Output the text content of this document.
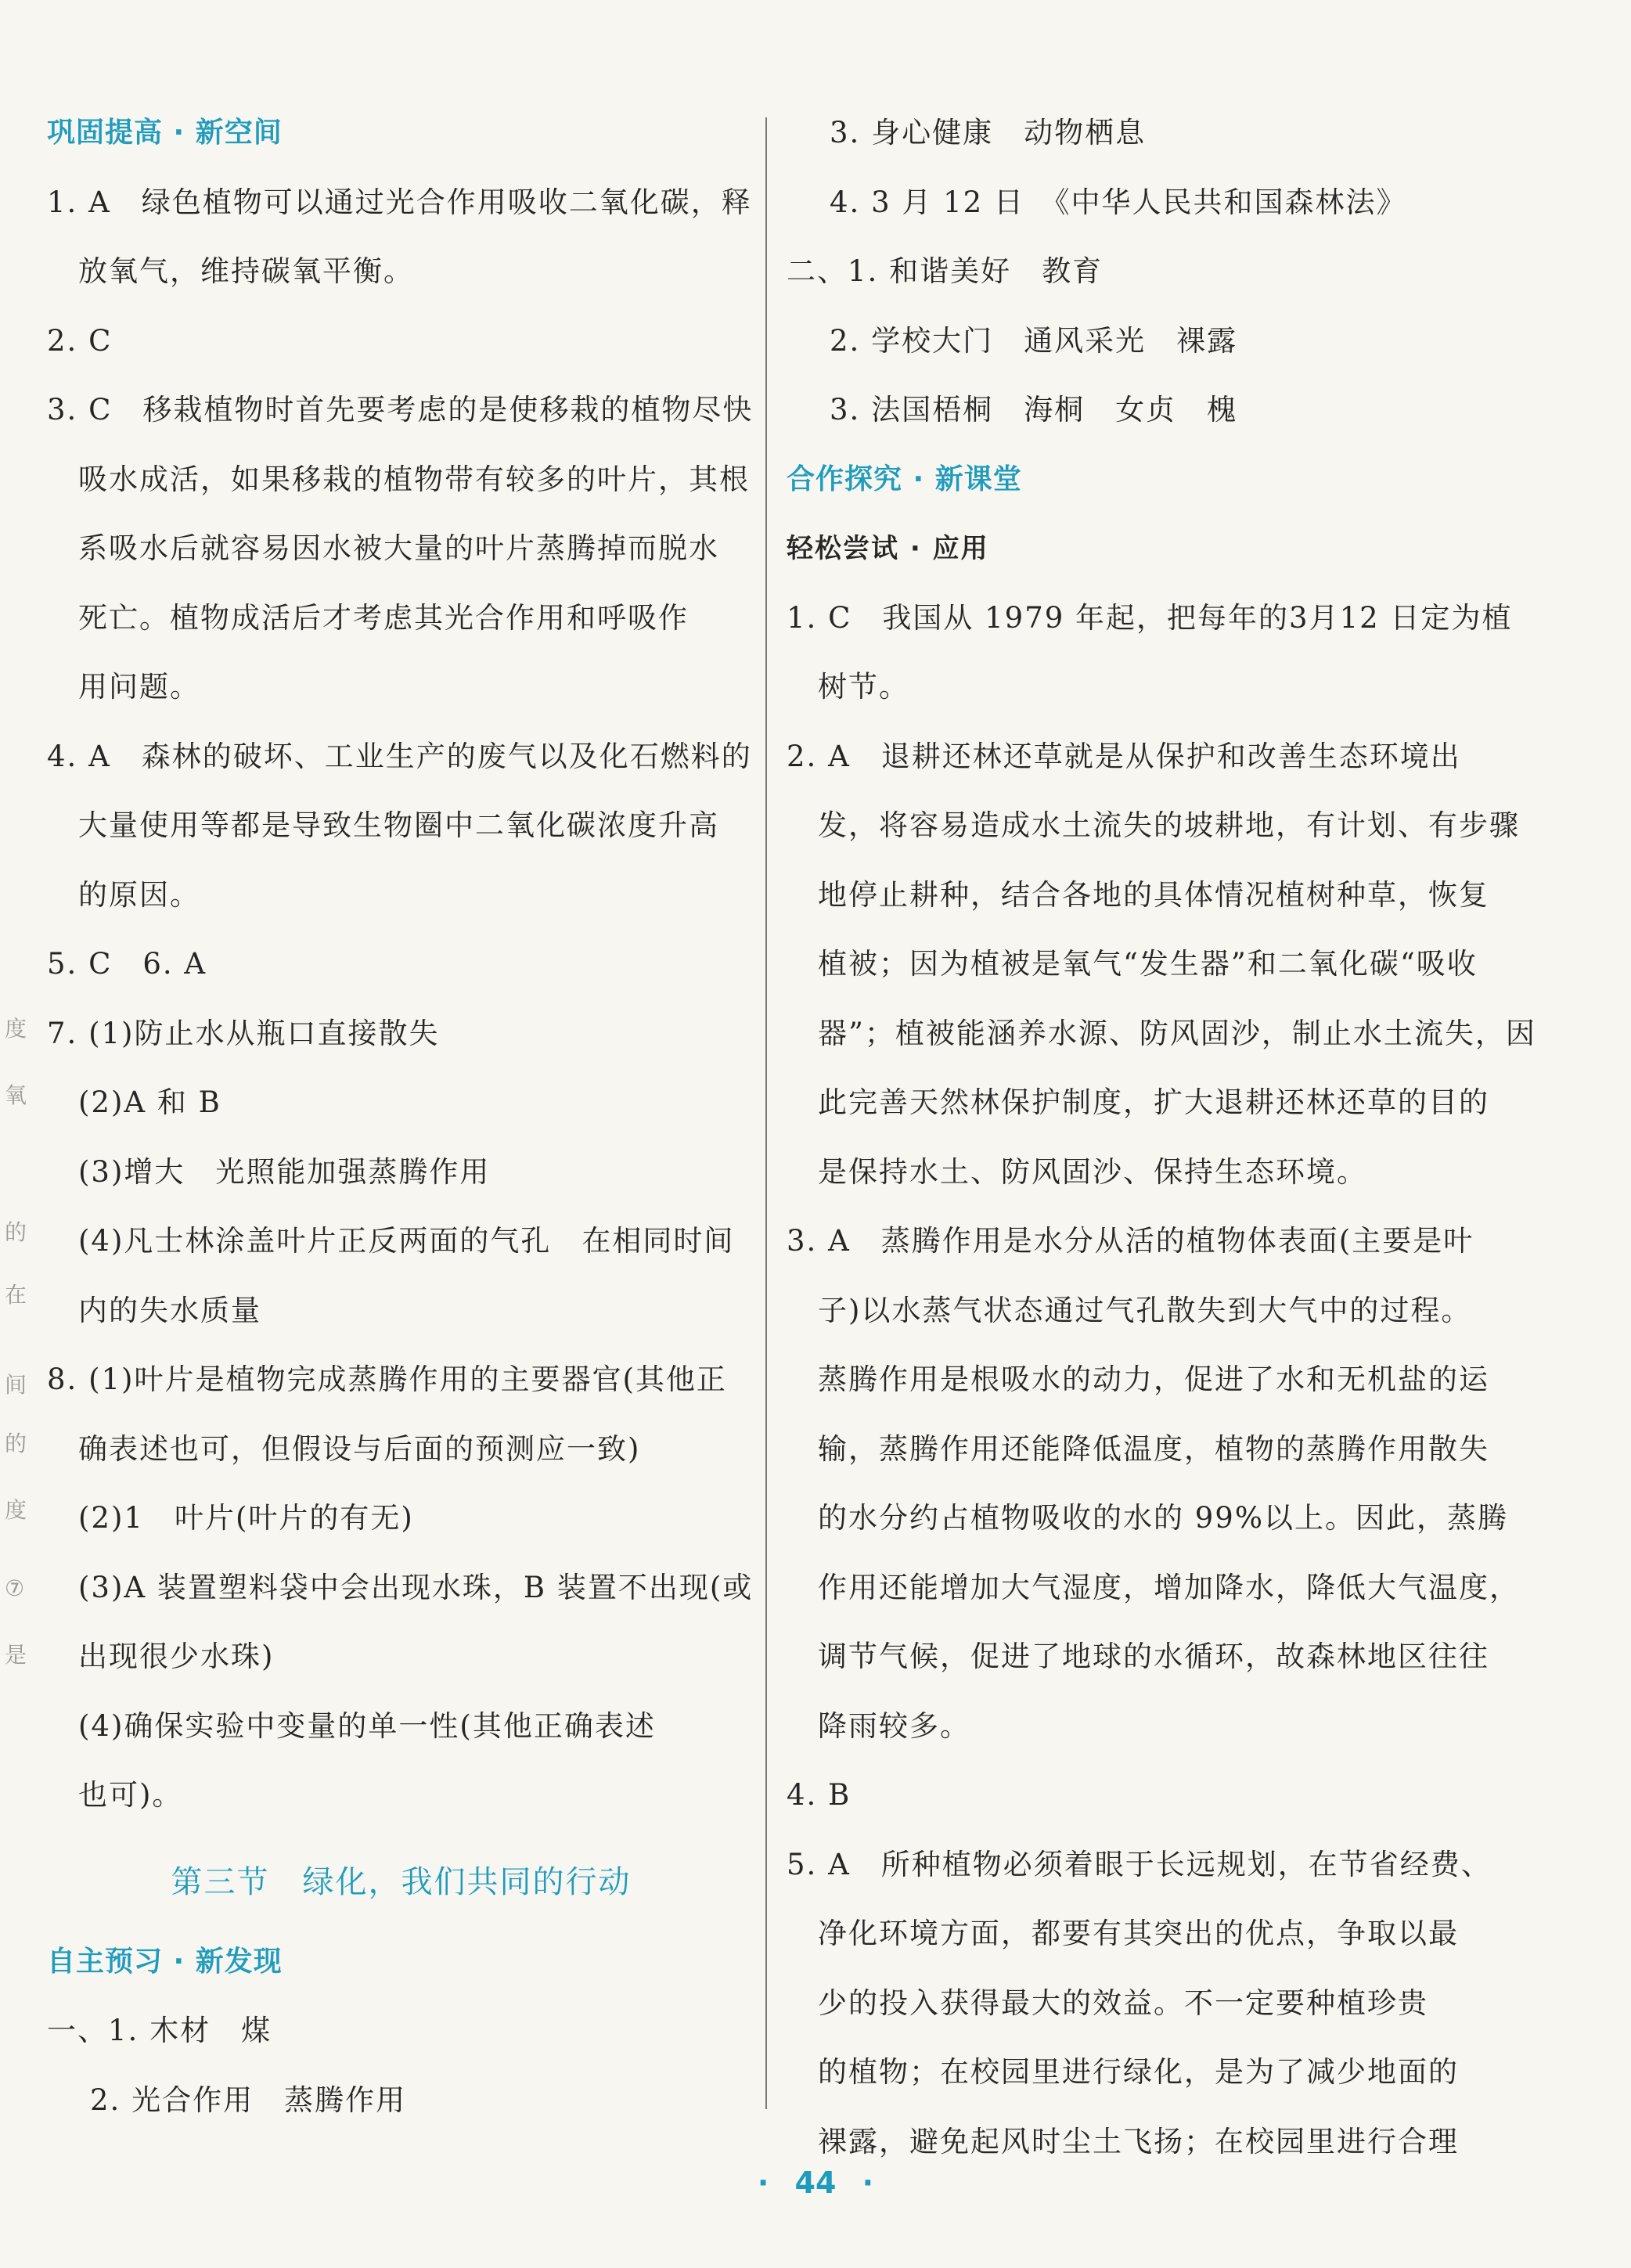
巩固提高 · 新空间
1. A　绿色植物可以通过光合作用吸收二氧化碳，释
放氧气，维持碳氧平衡。
2. C
3. C　移栽植物时首先要考虑的是使移栽的植物尽快
吸水成活，如果移栽的植物带有较多的叶片，其根
系吸水后就容易因水被大量的叶片蒸腾掉而脱水
死亡。植物成活后才考虑其光合作用和呼吸作
用问题。
4. A　森林的破坏、工业生产的废气以及化石燃料的
大量使用等都是导致生物圈中二氧化碳浓度升高
的原因。
5. C　6. A
7. (1)防止水从瓶口直接散失
(2)A 和 B
(3)增大　光照能加强蒸腾作用
(4)凡士林涂盖叶片正反两面的气孔　在相同时间
内的失水质量
8. (1)叶片是植物完成蒸腾作用的主要器官(其他正
确表述也可，但假设与后面的预测应一致)
(2)1　叶片(叶片的有无)
(3)A 装置塑料袋中会出现水珠，B 装置不出现(或
出现很少水珠)
(4)确保实验中变量的单一性(其他正确表述
也可)。
第三节　绿化，我们共同的行动
自主预习 · 新发现
一、1. 木材　煤
2. 光合作用　蒸腾作用
3. 身心健康　动物栖息
4. 3 月 12 日　《中华人民共和国森林法》
二、1. 和谐美好　教育
2. 学校大门　通风采光　裸露
3. 法国梧桐　海桐　女贞　槐
合作探究 · 新课堂
轻松尝试 · 应用
1. C　我国从 1979 年起，把每年的3月12 日定为植
树节。
2. A　退耕还林还草就是从保护和改善生态环境出
发，将容易造成水土流失的坡耕地，有计划、有步骤
地停止耕种，结合各地的具体情况植树种草，恢复
植被；因为植被是氧气“发生器”和二氧化碳“吸收
器”；植被能涵养水源、防风固沙，制止水土流失，因
此完善天然林保护制度，扩大退耕还林还草的目的
是保持水土、防风固沙、保持生态环境。
3. A　蒸腾作用是水分从活的植物体表面(主要是叶
子)以水蒸气状态通过气孔散失到大气中的过程。
蒸腾作用是根吸水的动力，促进了水和无机盐的运
输，蒸腾作用还能降低温度，植物的蒸腾作用散失
的水分约占植物吸收的水的 99%以上。因此，蒸腾
作用还能增加大气湿度，增加降水，降低大气温度，
调节气候，促进了地球的水循环，故森林地区往往
降雨较多。
4. B
5. A　所种植物必须着眼于长远规划，在节省经费、
净化环境方面，都要有其突出的优点，争取以最
少的投入获得最大的效益。不一定要种植珍贵
的植物；在校园里进行绿化，是为了减少地面的
裸露，避免起风时尘土飞扬；在校园里进行合理
度
氧
的
在
间
的
度
⑦
是
· 44 ·
